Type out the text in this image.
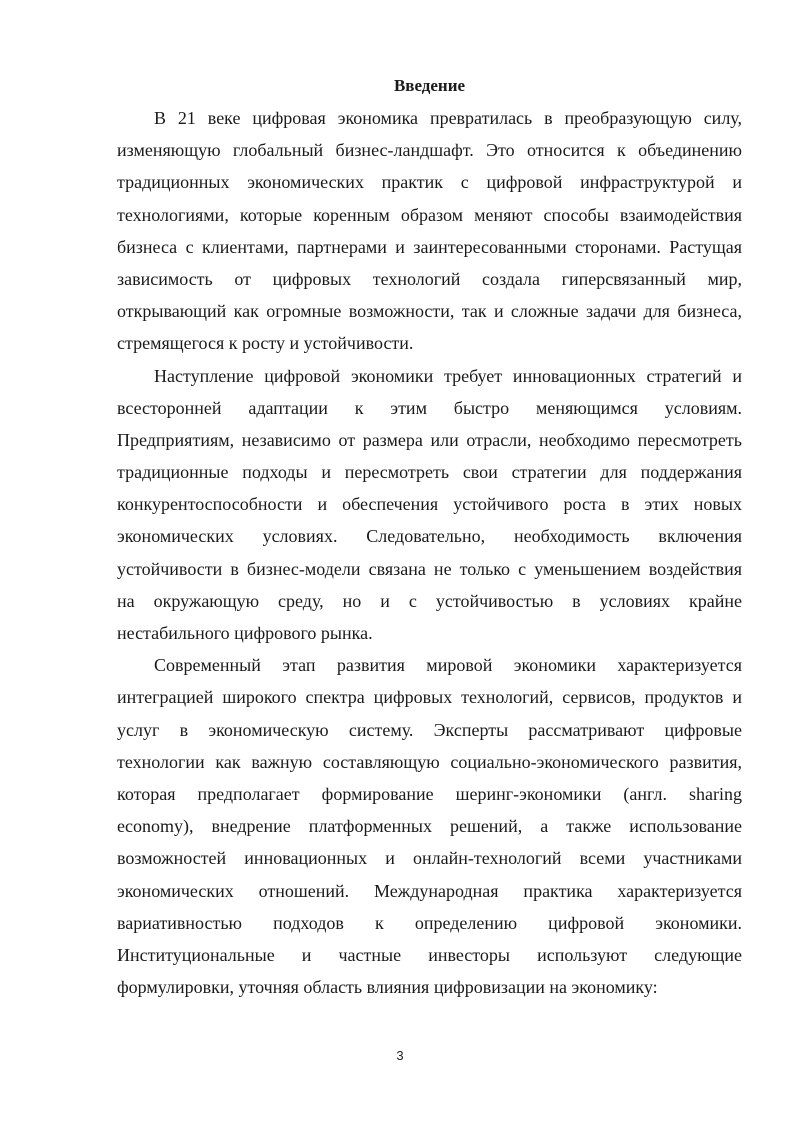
Введение
В 21 веке цифровая экономика превратилась в преобразующую силу,
изменяющую глобальный бизнес-ландшафт. Это относится к объединению
традиционных экономических практик с цифровой инфраструктурой и
технологиями, которые коренным образом меняют способы взаимодействия
бизнеса с клиентами, партнерами и заинтересованными сторонами. Растущая
зависимость от цифровых технологий создала гиперсвязанный мир,
открывающий как огромные возможности, так и сложные задачи для бизнеса,
стремящегося к росту и устойчивости.
Наступление цифровой экономики требует инновационных стратегий и
всесторонней адаптации к этим быстро меняющимся условиям.
Предприятиям, независимо от размера или отрасли, необходимо пересмотреть
традиционные подходы и пересмотреть свои стратегии для поддержания
конкурентоспособности и обеспечения устойчивого роста в этих новых
экономических условиях. Следовательно, необходимость включения
устойчивости в бизнес-модели связана не только с уменьшением воздействия
на окружающую среду, но и с устойчивостью в условиях крайне
нестабильного цифрового рынка.
Современный этап развития мировой экономики характеризуется
интеграцией широкого спектра цифровых технологий, сервисов, продуктов и
услуг в экономическую систему. Эксперты рассматривают цифровые
технологии как важную составляющую социально-экономического развития,
которая предполагает формирование шеринг-экономики (англ. sharing
economy), внедрение платформенных решений, а также использование
возможностей инновационных и онлайн-технологий всеми участниками
экономических отношений. Международная практика характеризуется
вариативностью подходов к определению цифровой экономики.
Институциональные и частные инвесторы используют следующие
формулировки, уточняя область влияния цифровизации на экономику:
3
